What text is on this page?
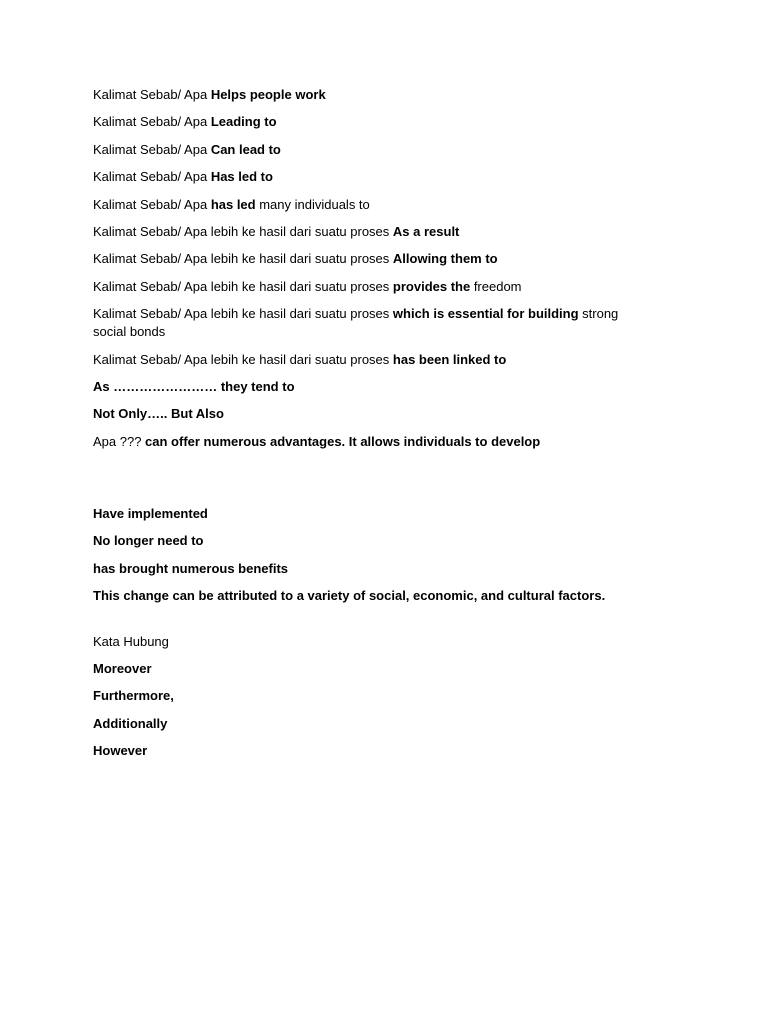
Kalimat Sebab/ Apa Helps people work

Kalimat Sebab/ Apa Leading to

Kalimat Sebab/ Apa Can lead to

Kalimat Sebab/ Apa Has led to

Kalimat Sebab/ Apa has led many individuals to

Kalimat Sebab/ Apa lebih ke hasil dari suatu proses As a result

Kalimat Sebab/ Apa lebih ke hasil dari suatu proses Allowing them to

Kalimat Sebab/ Apa lebih ke hasil dari suatu proses provides the freedom

Kalimat Sebab/ Apa lebih ke hasil dari suatu proses which is essential for building strong social bonds

Kalimat Sebab/ Apa lebih ke hasil dari suatu proses has been linked to

As …………………… they tend to

Not Only….. But Also

Apa ??? can offer numerous advantages. It allows individuals to develop

Have implemented

No longer need to

has brought numerous benefits

This change can be attributed to a variety of social, economic, and cultural factors.

Kata Hubung

Moreover

Furthermore,

Additionally

However
